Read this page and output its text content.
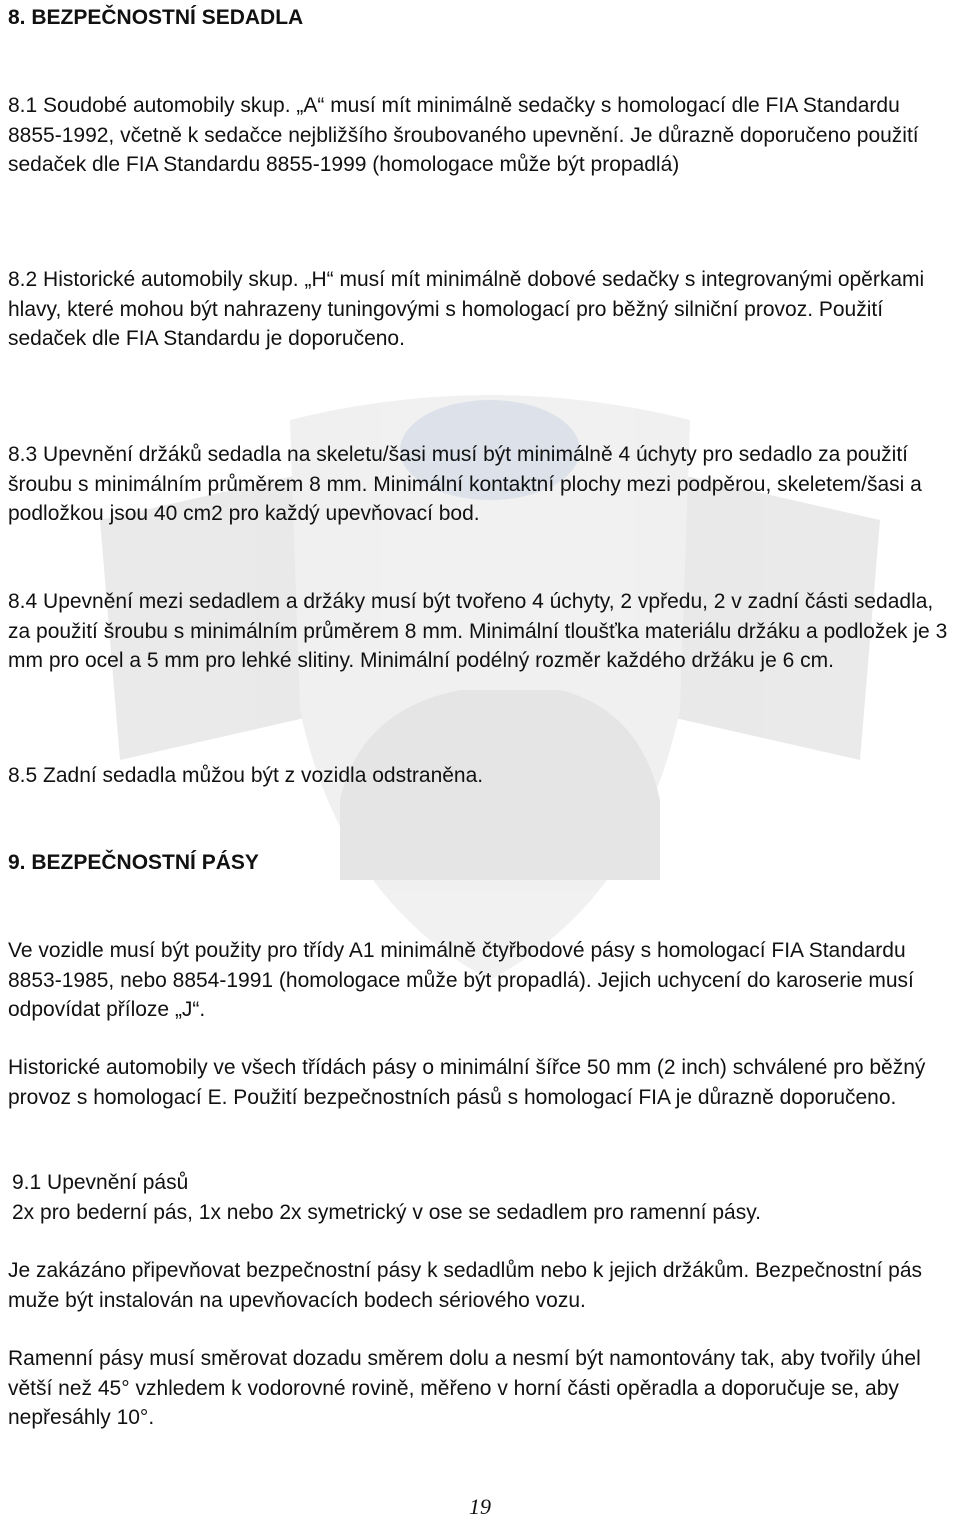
8. BEZPEČNOSTNÍ SEDADLA

8.1 Soudobé automobily skup. „A“ musí mít minimálně sedačky s homologací dle FIA Standardu 8855-1992, včetně k sedačce nejbližšího šroubovaného upevnění. Je důrazně doporučeno použití sedaček dle FIA Standardu 8855-1999 (homologace může být propadlá)

8.2 Historické automobily skup. „H“ musí mít minimálně dobové sedačky s integrovanými opěrkami hlavy, které mohou být nahrazeny tuningovými s homologací pro běžný silniční provoz. Použití sedaček dle FIA Standardu je doporučeno.

8.3 Upevnění držáků sedadla na skeletu/šasi musí být minimálně 4 úchyty pro sedadlo za použití šroubu s minimálním průměrem 8 mm. Minimální kontaktní plochy mezi podpěrou, skeletem/šasi a podložkou jsou 40 cm2 pro každý upevňovací bod.

8.4 Upevnění mezi sedadlem a držáky musí být tvořeno 4 úchyty, 2 vpředu, 2 v zadní části sedadla, za použití šroubu s minimálním průměrem 8 mm. Minimální tloušťka materiálu držáku a podložek je 3 mm pro ocel a 5 mm pro lehké slitiny. Minimální podélný rozměr každého držáku je 6 cm.

8.5 Zadní sedadla můžou být z vozidla odstraněna.

9. BEZPEČNOSTNÍ PÁSY

Ve vozidle musí být použity pro třídy A1 minimálně čtyřbodové pásy s homologací FIA Standardu 8853-1985, nebo 8854-1991 (homologace může být propadlá). Jejich uchycení do karoserie musí odpovídat příloze „J“.

Historické automobily ve všech třídách pásy o minimální šířce 50 mm (2 inch) schválené pro běžný provoz s homologací E. Použití bezpečnostních pásů s homologací FIA je důrazně doporučeno.

9.1 Upevnění pásů

2x pro bederní pás, 1x nebo 2x symetrický v ose se sedadlem pro ramenní pásy.

Je zakázáno připevňovat bezpečnostní pásy k sedadlům nebo k jejich držákům. Bezpečnostní pás muže být instalován na upevňovacích bodech sériového vozu.

Ramenní pásy musí směrovat dozadu směrem dolu a nesmí být namontovány tak, aby tvořily úhel větší než 45° vzhledem k vodorovné rovině, měřeno v horní části opěradla a doporučuje se, aby nepřesáhly 10°.

19
